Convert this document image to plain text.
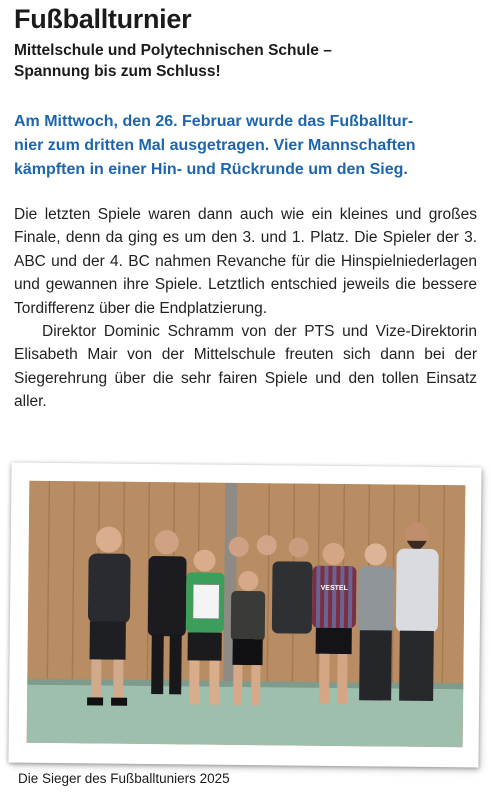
Fußballturnier
Mittelschule und Polytechnischen Schule –
Spannung bis zum Schluss!
Am Mittwoch, den 26. Februar wurde das Fußballtur-
nier zum dritten Mal ausgetragen. Vier Mannschaften
kämpften in einer Hin- und Rückrunde um den Sieg.

Die letzten Spiele waren dann auch wie ein kleines und großes Finale, denn da ging es um den 3. und 1. Platz. Die Spieler der 3. ABC und der 4. BC nahmen Revanche für die Hinspielniederlagen und gewannen ihre Spiele. Letztlich entschied jeweils die bessere Tordifferenz über die Endplatzierung.

Direktor Dominic Schramm von der PTS und Vize-Direktorin Elisabeth Mair von der Mittelschule freuten sich dann bei der Siegerehrung über die sehr fairen Spiele und den tollen Einsatz aller.

VESTEL
Die Sieger des Fußballtuniers 2025
